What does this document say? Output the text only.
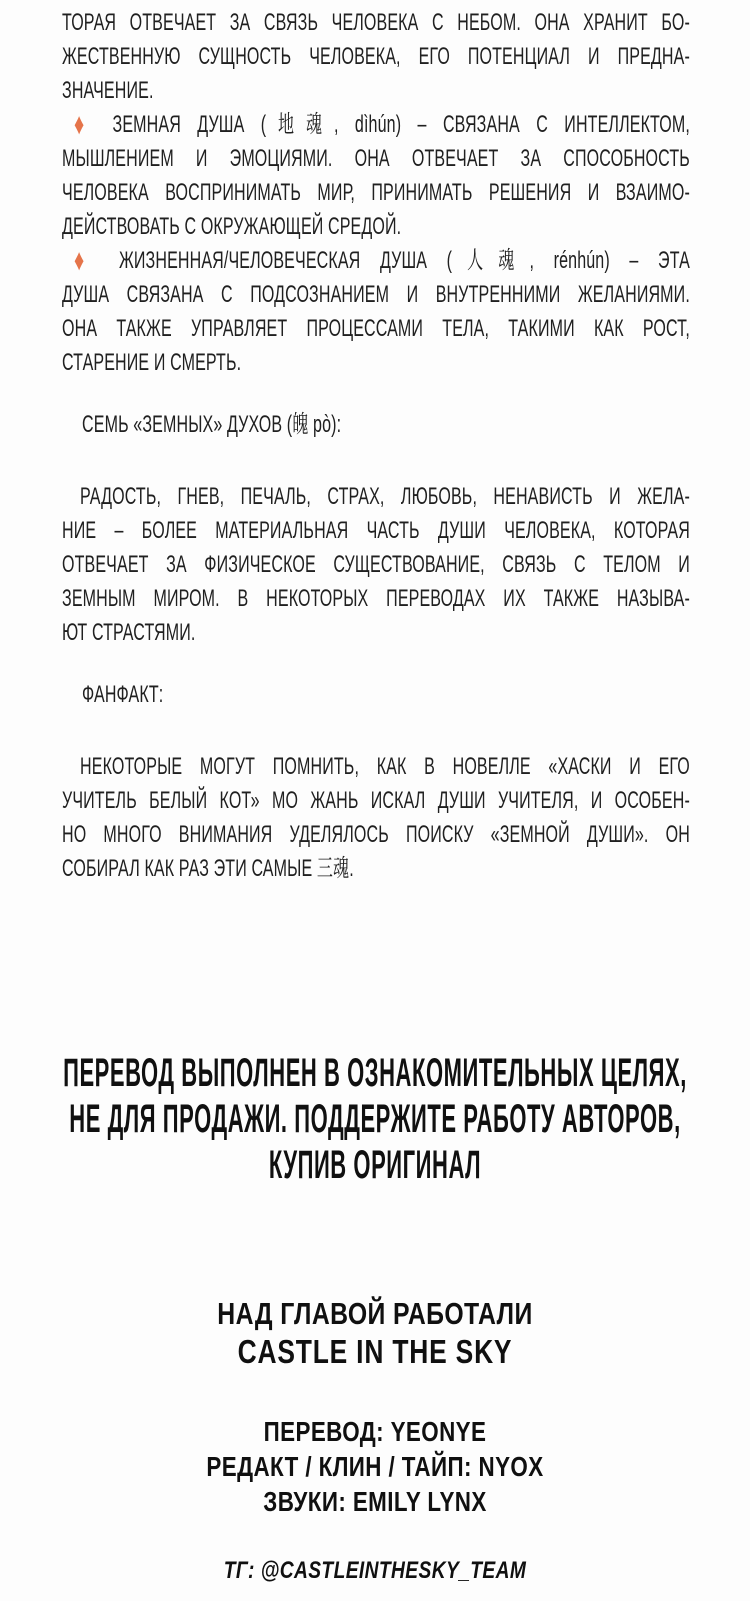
ТОРАЯ ОТВЕЧАЕТ ЗА СВЯЗЬ ЧЕЛОВЕКА С НЕБОМ. ОНА ХРАНИТ БО-
ЖЕСТВЕННУЮ СУЩНОСТЬ ЧЕЛОВЕКА, ЕГО ПОТЕНЦИАЛ И ПРЕДНА-
ЗНАЧЕНИЕ.
♦ ЗЕМНАЯ ДУША (地魂, dìhún) – СВЯЗАНА С ИНТЕЛЛЕКТОМ,
МЫШЛЕНИЕМ И ЭМОЦИЯМИ. ОНА ОТВЕЧАЕТ ЗА СПОСОБНОСТЬ
ЧЕЛОВЕКА ВОСПРИНИМАТЬ МИР, ПРИНИМАТЬ РЕШЕНИЯ И ВЗАИМО-
ДЕЙСТВОВАТЬ С ОКРУЖАЮЩЕЙ СРЕДОЙ.
♦ ЖИЗНЕННАЯ/ЧЕЛОВЕЧЕСКАЯ ДУША (人魂, rénhún) – ЭТА
ДУША СВЯЗАНА С ПОДСОЗНАНИЕМ И ВНУТРЕННИМИ ЖЕЛАНИЯМИ.
ОНА ТАКЖЕ УПРАВЛЯЕТ ПРОЦЕССАМИ ТЕЛА, ТАКИМИ КАК РОСТ,
СТАРЕНИЕ И СМЕРТЬ.
СЕМЬ «ЗЕМНЫХ» ДУХОВ (魄 pò):
РАДОСТЬ, ГНЕВ, ПЕЧАЛЬ, СТРАХ, ЛЮБОВЬ, НЕНАВИСТЬ И ЖЕЛА-
НИЕ – БОЛЕЕ МАТЕРИАЛЬНАЯ ЧАСТЬ ДУШИ ЧЕЛОВЕКА, КОТОРАЯ
ОТВЕЧАЕТ ЗА ФИЗИЧЕСКОЕ СУЩЕСТВОВАНИЕ, СВЯЗЬ С ТЕЛОМ И
ЗЕМНЫМ МИРОМ. В НЕКОТОРЫХ ПЕРЕВОДАХ ИХ ТАКЖЕ НАЗЫВА-
ЮТ СТРАСТЯМИ.
ФАНФАКТ:
НЕКОТОРЫЕ МОГУТ ПОМНИТЬ, КАК В НОВЕЛЛЕ «ХАСКИ И ЕГО
УЧИТЕЛЬ БЕЛЫЙ КОТ» МО ЖАНЬ ИСКАЛ ДУШИ УЧИТЕЛЯ, И ОСОБЕН-
НО МНОГО ВНИМАНИЯ УДЕЛЯЛОСЬ ПОИСКУ «ЗЕМНОЙ ДУШИ». ОН
СОБИРАЛ КАК РАЗ ЭТИ САМЫЕ 三魂.
ПЕРЕВОД ВЫПОЛНЕН В ОЗНАКОМИТЕЛЬНЫХ ЦЕЛЯХ,
НЕ ДЛЯ ПРОДАЖИ. ПОДДЕРЖИТЕ РАБОТУ АВТОРОВ,
КУПИВ ОРИГИНАЛ
НАД ГЛАВОЙ РАБОТАЛИ
CASTLE IN THE SKY
ПЕРЕВОД: YEONYE
РЕДАКТ / КЛИН / ТАЙП: NYOX
ЗВУКИ: EMILY LYNX
ТГ: @CASTLEINTHESKY_TEAM
